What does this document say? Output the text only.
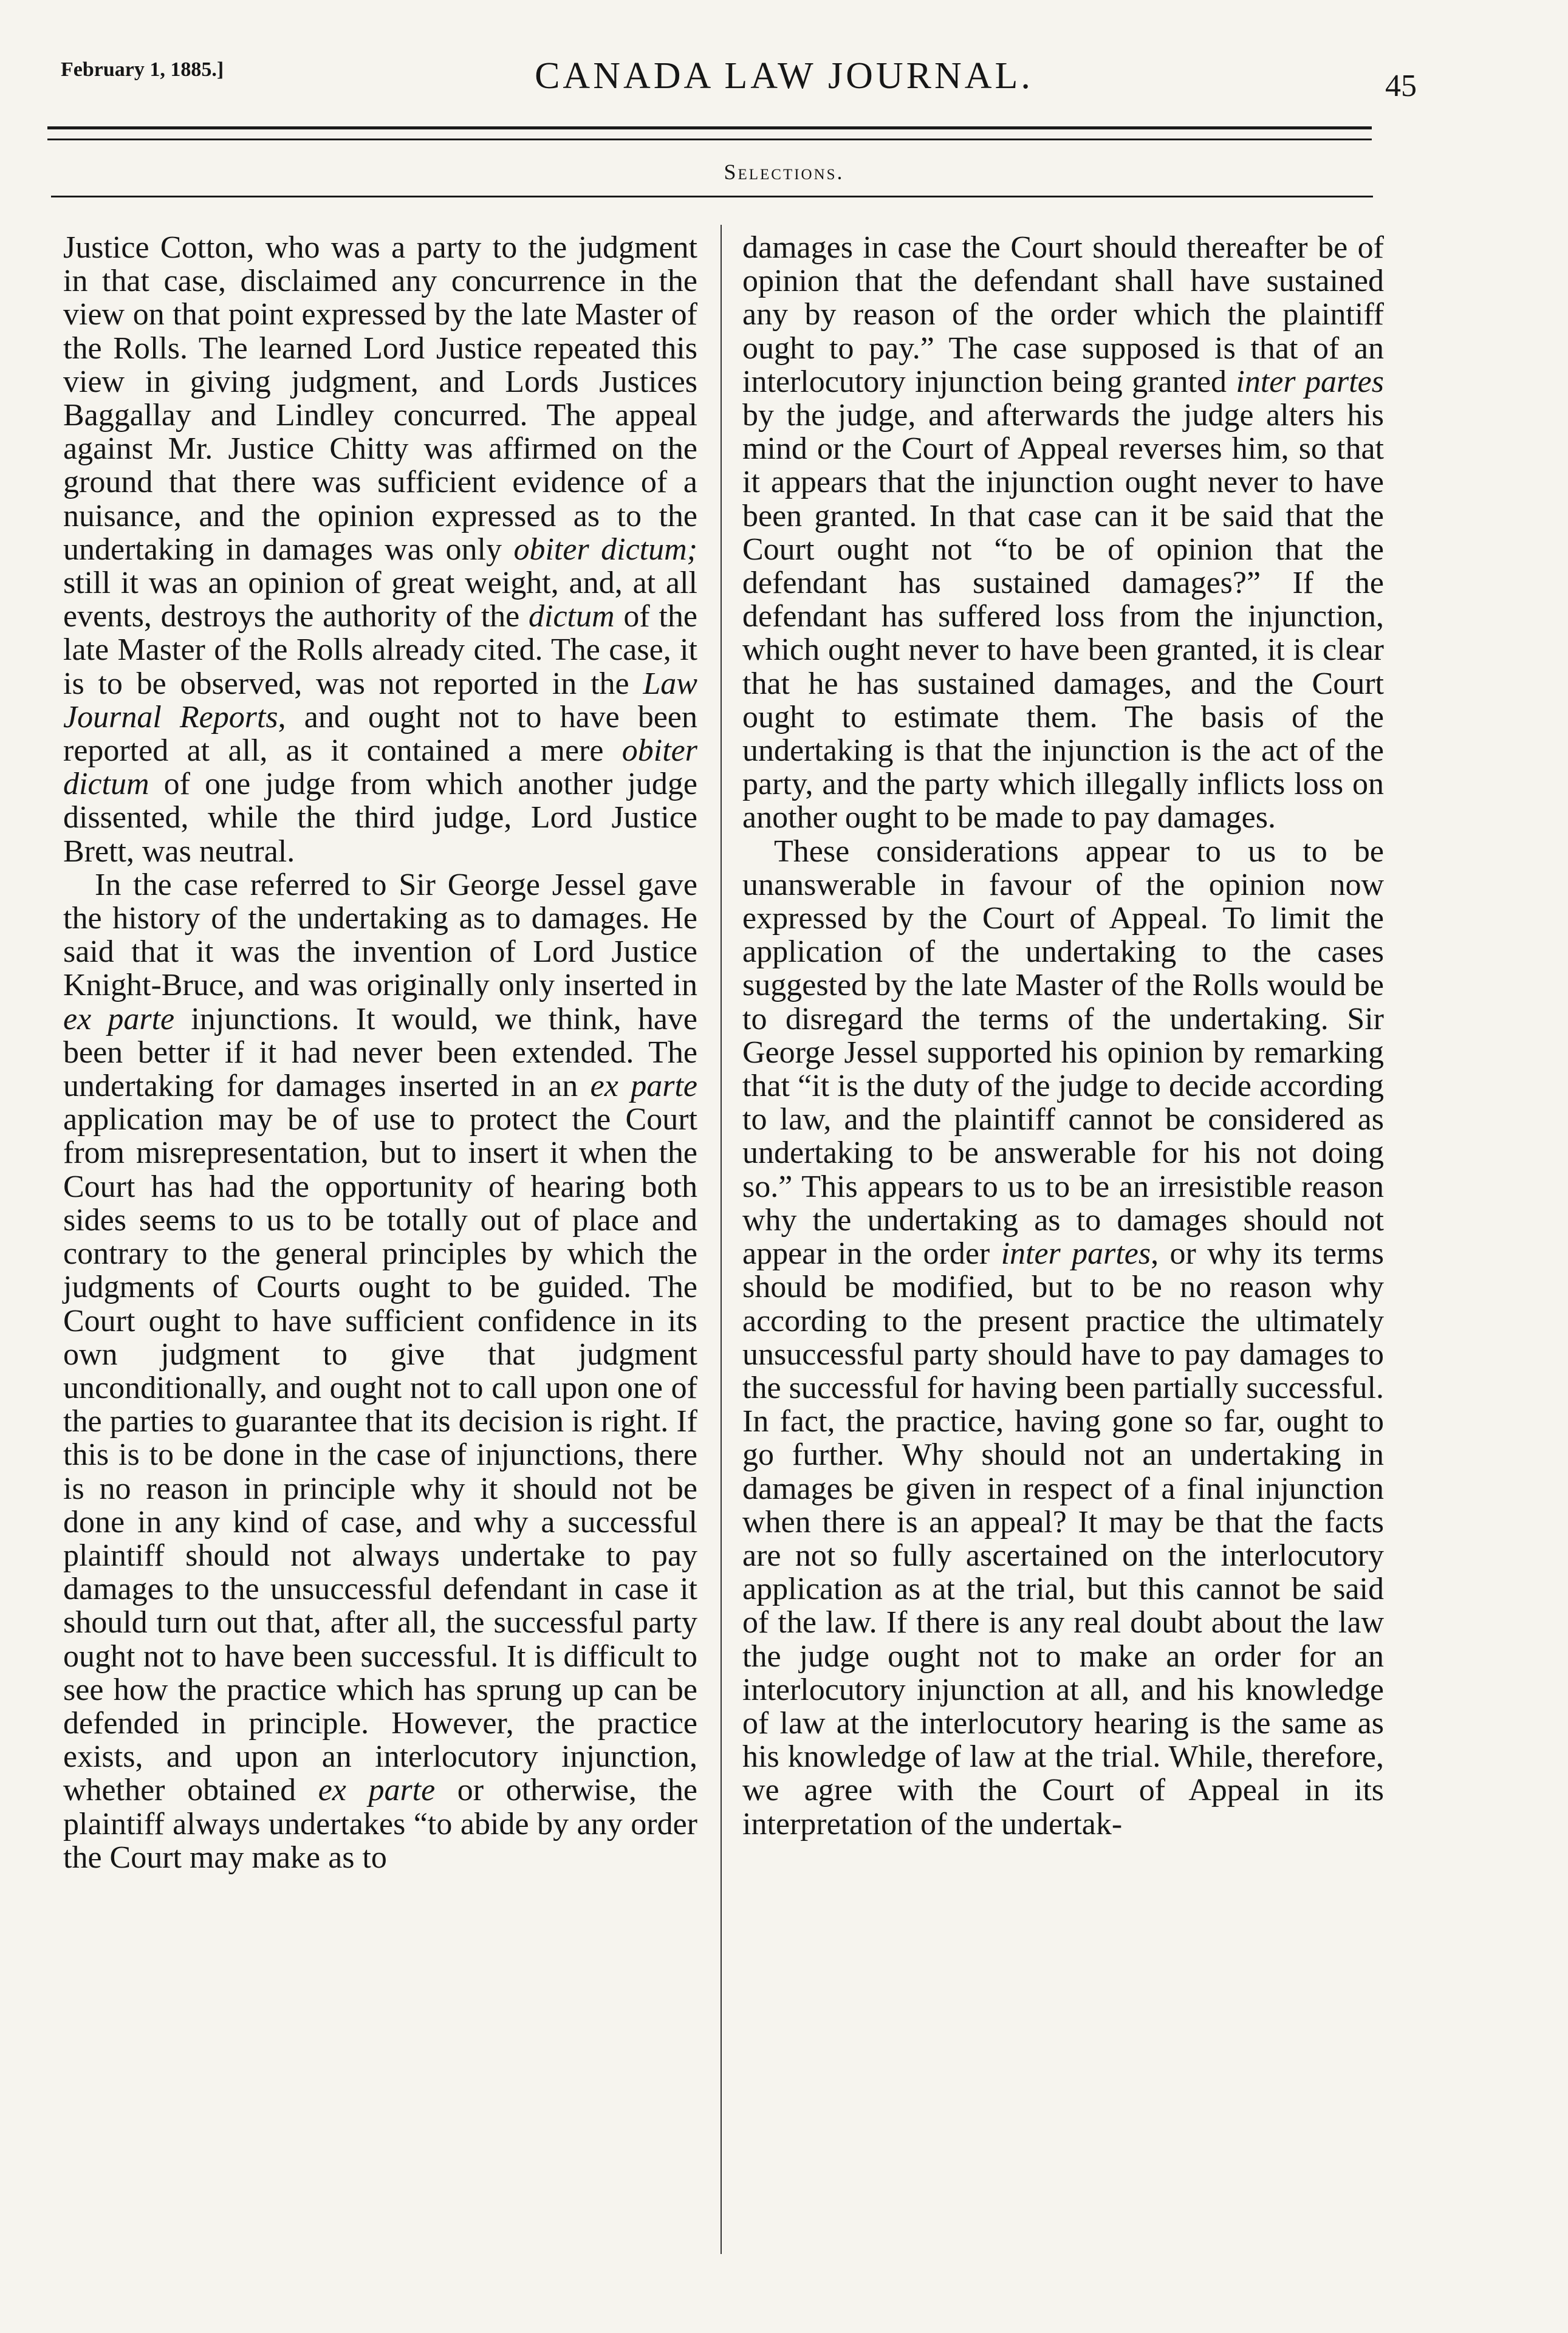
February 1, 1885.]	CANADA LAW JOURNAL.	45
Selections.

Justice Cotton, who was a party to the judgment in that case, disclaimed any concurrence in the view on that point expressed by the late Master of the Rolls. The learned Lord Justice repeated this view in giving judgment, and Lords Justices Baggallay and Lindley concurred. The appeal against Mr. Justice Chitty was affirmed on the ground that there was sufficient evidence of a nuisance, and the opinion expressed as to the undertaking in damages was only obiter dictum; still it was an opinion of great weight, and, at all events, destroys the authority of the dictum of the late Master of the Rolls already cited. The case, it is to be observed, was not reported in the Law Journal Reports, and ought not to have been reported at all, as it contained a mere obiter dictum of one judge from which another judge dissented, while the third judge, Lord Justice Brett, was neutral.

In the case referred to Sir George Jessel gave the history of the undertaking as to damages. He said that it was the invention of Lord Justice Knight-Bruce, and was originally only inserted in ex parte injunctions. It would, we think, have been better if it had never been extended. The undertaking for damages inserted in an ex parte application may be of use to protect the Court from misrepresentation, but to insert it when the Court has had the opportunity of hearing both sides seems to us to be totally out of place and contrary to the general principles by which the judgments of Courts ought to be guided. The Court ought to have sufficient confidence in its own judgment to give that judgment unconditionally, and ought not to call upon one of the parties to guarantee that its decision is right. If this is to be done in the case of injunctions, there is no reason in principle why it should not be done in any kind of case, and why a successful plaintiff should not always undertake to pay damages to the unsuccessful defendant in case it should turn out that, after all, the successful party ought not to have been successful. It is difficult to see how the practice which has sprung up can be defended in principle. However, the practice exists, and upon an interlocutory injunction, whether obtained ex parte or otherwise, the plaintiff always undertakes “to abide by any order the Court may make as to

damages in case the Court should thereafter be of opinion that the defendant shall have sustained any by reason of the order which the plaintiff ought to pay.” The case supposed is that of an interlocutory injunction being granted inter partes by the judge, and afterwards the judge alters his mind or the Court of Appeal reverses him, so that it appears that the injunction ought never to have been granted. In that case can it be said that the Court ought not “to be of opinion that the defendant has sustained damages?” If the defendant has suffered loss from the injunction, which ought never to have been granted, it is clear that he has sustained damages, and the Court ought to estimate them. The basis of the undertaking is that the injunction is the act of the party, and the party which illegally inflicts loss on another ought to be made to pay damages.

These considerations appear to us to be unanswerable in favour of the opinion now expressed by the Court of Appeal. To limit the application of the undertaking to the cases suggested by the late Master of the Rolls would be to disregard the terms of the undertaking. Sir George Jessel supported his opinion by remarking that “it is the duty of the judge to decide according to law, and the plaintiff cannot be considered as undertaking to be answerable for his not doing so.” This appears to us to be an irresistible reason why the undertaking as to damages should not appear in the order inter partes, or why its terms should be modified, but to be no reason why according to the present practice the ultimately unsuccessful party should have to pay damages to the successful for having been partially successful. In fact, the practice, having gone so far, ought to go further. Why should not an undertaking in damages be given in respect of a final injunction when there is an appeal? It may be that the facts are not so fully ascertained on the interlocutory application as at the trial, but this cannot be said of the law. If there is any real doubt about the law the judge ought not to make an order for an interlocutory injunction at all, and his knowledge of law at the interlocutory hearing is the same as his knowledge of law at the trial. While, therefore, we agree with the Court of Appeal in its interpretation of the undertak-
